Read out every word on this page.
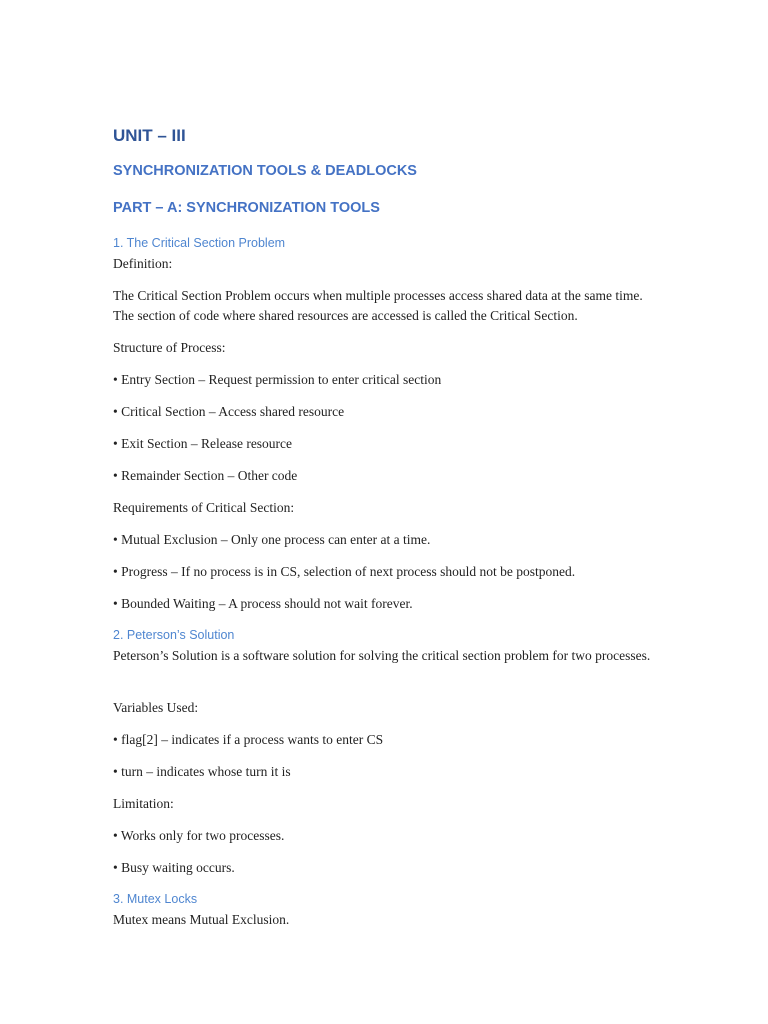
UNIT – III
SYNCHRONIZATION TOOLS & DEADLOCKS
PART – A: SYNCHRONIZATION TOOLS
1. The Critical Section Problem
Definition:
The Critical Section Problem occurs when multiple processes access shared data at the same time. The section of code where shared resources are accessed is called the Critical Section.
Structure of Process:
• Entry Section – Request permission to enter critical section
• Critical Section – Access shared resource
• Exit Section – Release resource
• Remainder Section – Other code
Requirements of Critical Section:
• Mutual Exclusion – Only one process can enter at a time.
• Progress – If no process is in CS, selection of next process should not be postponed.
• Bounded Waiting – A process should not wait forever.
2. Peterson’s Solution
Peterson’s Solution is a software solution for solving the critical section problem for two processes.
Variables Used:
• flag[2] – indicates if a process wants to enter CS
• turn – indicates whose turn it is
Limitation:
• Works only for two processes.
• Busy waiting occurs.
3. Mutex Locks
Mutex means Mutual Exclusion.
